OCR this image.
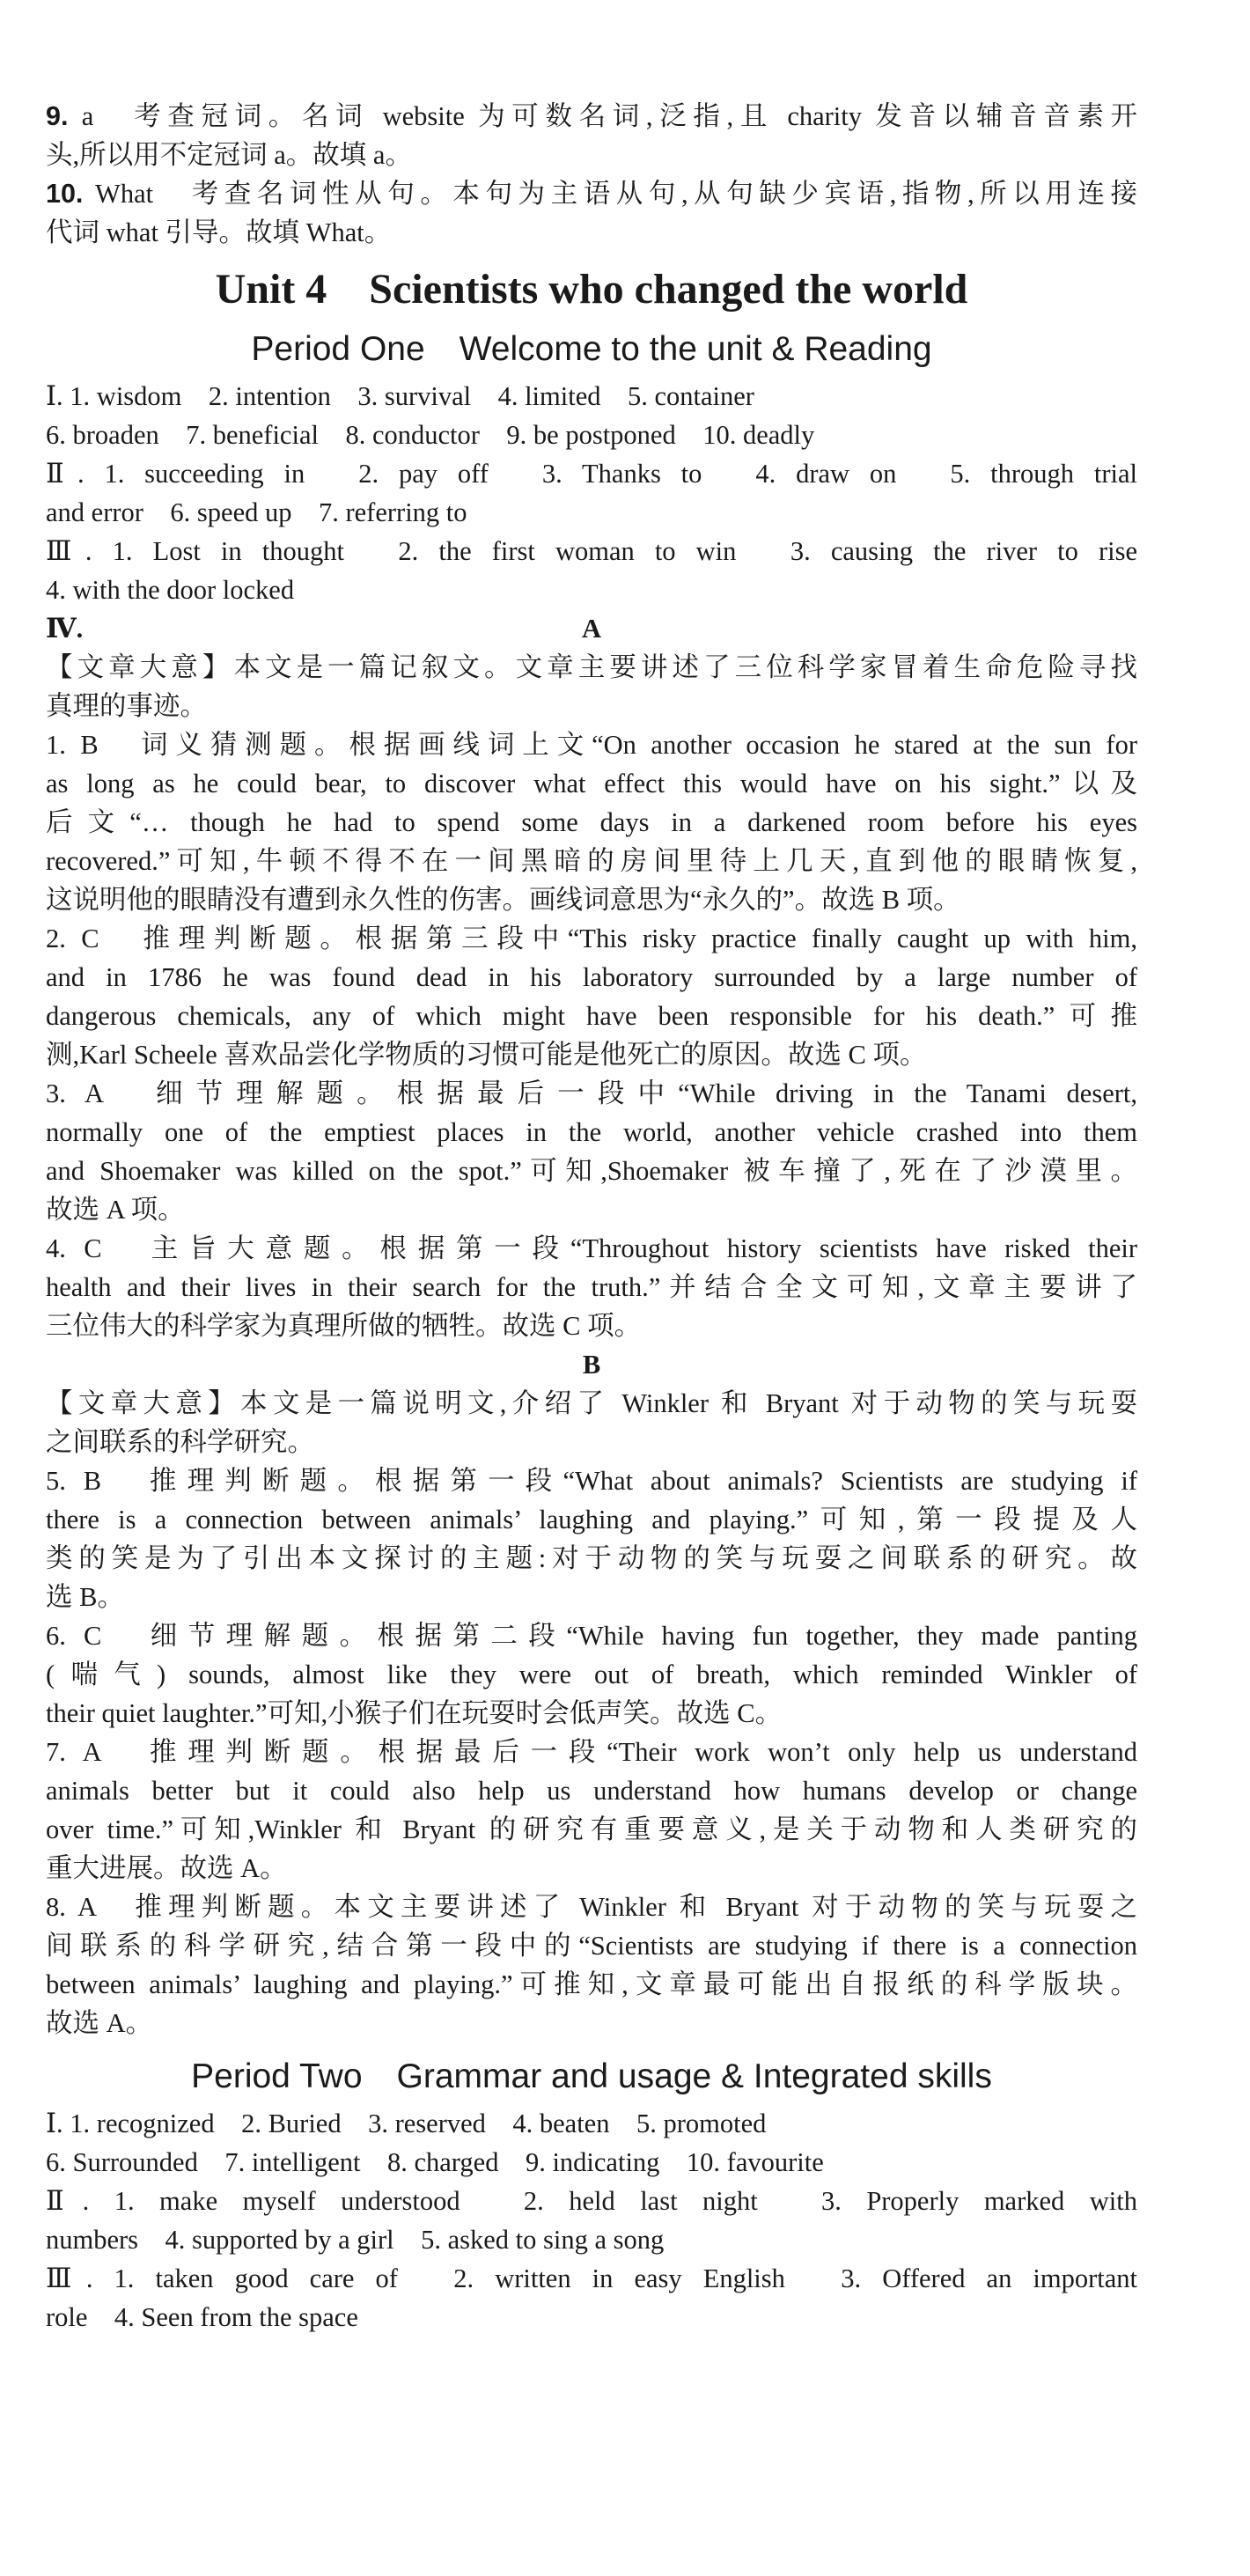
9. a　考查冠词。名词 website 为可数名词,泛指,且 charity 发音以辅音音素开
头,所以用不定冠词 a。故填 a。
10. What　考查名词性从句。本句为主语从句,从句缺少宾语,指物,所以用连接
代词 what 引导。故填 What。
Unit 4　Scientists who changed the world
Period One　Welcome to the unit & Reading
Ⅰ. 1. wisdom　2. intention　3. survival　4. limited　5. container
6. broaden　7. beneficial　8. conductor　9. be postponed　10. deadly
Ⅱ. 1. succeeding in　2. pay off　3. Thanks to　4. draw on　5. through trial
and error　6. speed up　7. referring to
Ⅲ. 1. Lost in thought　2. the first woman to win　3. causing the river to rise
4. with the door locked
Ⅳ.	A
【文章大意】本文是一篇记叙文。文章主要讲述了三位科学家冒着生命危险寻找
真理的事迹。
1. B　词义猜测题。根据画线词上文“On another occasion he stared at the sun for
as long as he could bear, to discover what effect this would have on his sight.”以及
后文“… though he had to spend some days in a darkened room before his eyes
recovered.”可知,牛顿不得不在一间黑暗的房间里待上几天,直到他的眼睛恢复,
这说明他的眼睛没有遭到永久性的伤害。画线词意思为“永久的”。故选 B 项。
2. C　推理判断题。根据第三段中“This risky practice finally caught up with him,
and in 1786 he was found dead in his laboratory surrounded by a large number of
dangerous chemicals, any of which might have been responsible for his death.”可推
测,Karl Scheele 喜欢品尝化学物质的习惯可能是他死亡的原因。故选 C 项。
3. A　细节理解题。根据最后一段中“While driving in the Tanami desert,
normally one of the emptiest places in the world, another vehicle crashed into them
and Shoemaker was killed on the spot.”可知,Shoemaker 被车撞了,死在了沙漠里。
故选 A 项。
4. C　主旨大意题。根据第一段“Throughout history scientists have risked their
health and their lives in their search for the truth.”并结合全文可知,文章主要讲了
三位伟大的科学家为真理所做的牺牲。故选 C 项。
B
【文章大意】本文是一篇说明文,介绍了 Winkler 和 Bryant 对于动物的笑与玩耍
之间联系的科学研究。
5. B　推理判断题。根据第一段“What about animals? Scientists are studying if
there is a connection between animals’ laughing and playing.”可知,第一段提及人
类的笑是为了引出本文探讨的主题:对于动物的笑与玩耍之间联系的研究。故
选 B。
6. C　细节理解题。根据第二段“While having fun together, they made panting
(喘气) sounds, almost like they were out of breath, which reminded Winkler of
their quiet laughter.”可知,小猴子们在玩耍时会低声笑。故选 C。
7. A　推理判断题。根据最后一段“Their work won’t only help us understand
animals better but it could also help us understand how humans develop or change
over time.”可知,Winkler 和 Bryant 的研究有重要意义,是关于动物和人类研究的
重大进展。故选 A。
8. A　推理判断题。本文主要讲述了 Winkler 和 Bryant 对于动物的笑与玩耍之
间联系的科学研究,结合第一段中的“Scientists are studying if there is a connection
between animals’ laughing and playing.”可推知,文章最可能出自报纸的科学版块。
故选 A。
Period Two　Grammar and usage & Integrated skills
Ⅰ. 1. recognized　2. Buried　3. reserved　4. beaten　5. promoted
6. Surrounded　7. intelligent　8. charged　9. indicating　10. favourite
Ⅱ. 1. make myself understood　2. held last night　3. Properly marked with
numbers　4. supported by a girl　5. asked to sing a song
Ⅲ. 1. taken good care of　2. written in easy English　3. Offered an important
role　4. Seen from the space
